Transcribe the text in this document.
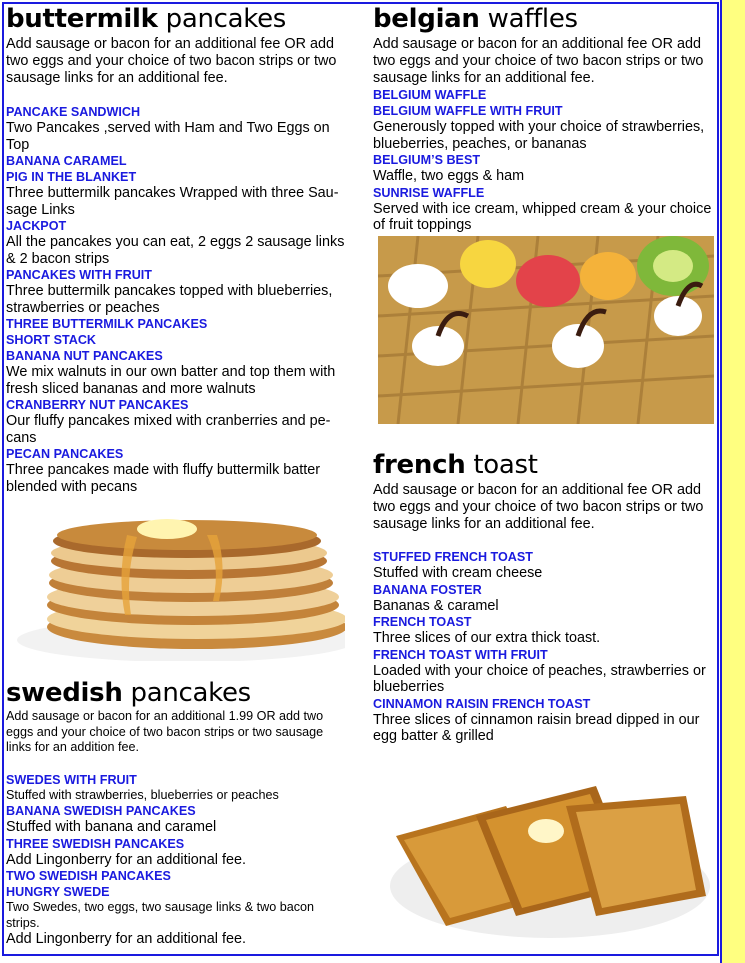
buttermilk pancakes
Add sausage or bacon for an additional fee OR add two eggs and your choice of two bacon strips or two sausage links for an additional fee.
PANCAKE SANDWICH
Two Pancakes ,served with Ham and Two Eggs on Top
BANANA CARAMEL
PIG IN THE BLANKET
Three buttermilk pancakes Wrapped with three Sau-sage Links
JACKPOT
All the pancakes you can eat, 2 eggs 2 sausage links & 2 bacon strips
PANCAKES WITH FRUIT
Three buttermilk pancakes topped with blueberries, strawberries or peaches
THREE BUTTERMILK PANCAKES
SHORT STACK
BANANA NUT PANCAKES
We mix walnuts in our own batter and top them with fresh sliced bananas and more walnuts
CRANBERRY NUT PANCAKES
Our fluffy pancakes mixed with cranberries and pe-cans
PECAN PANCAKES
Three pancakes made with fluffy buttermilk batter blended with pecans
swedish pancakes
Add sausage or bacon for an additional 1.99 OR add two eggs and your choice of two bacon strips or two sausage links for an addition fee.
SWEDES WITH FRUIT
Stuffed with strawberries, blueberries or peaches
BANANA SWEDISH PANCAKES
Stuffed with banana and caramel
THREE SWEDISH PANCAKES
Add Lingonberry for an additional fee.
TWO SWEDISH PANCAKES
HUNGRY SWEDE
Two Swedes, two eggs, two sausage links & two bacon strips.
Add Lingonberry for an additional fee.
belgian waffles
Add sausage or bacon for an additional fee OR add two eggs and your choice of two bacon strips or two sausage links for an additional fee.
BELGIUM WAFFLE
BELGIUM WAFFLE WITH FRUIT
Generously topped with your choice of strawberries, blueberries, peaches, or bananas
BELGIUM’S BEST
Waffle, two eggs & ham
SUNRISE WAFFLE
Served with ice cream, whipped cream & your choice of fruit toppings
french toast
Add sausage or bacon for an additional fee OR add two eggs and your choice of two bacon strips or two sausage links for an additional fee.
STUFFED FRENCH TOAST
Stuffed with cream cheese
BANANA FOSTER
Bananas & caramel
FRENCH TOAST
Three slices of our extra thick toast.
FRENCH TOAST WITH FRUIT
Loaded with your choice of peaches, strawberries or blueberries
CINNAMON RAISIN FRENCH TOAST
Three slices of cinnamon raisin bread dipped in our egg batter & grilled
